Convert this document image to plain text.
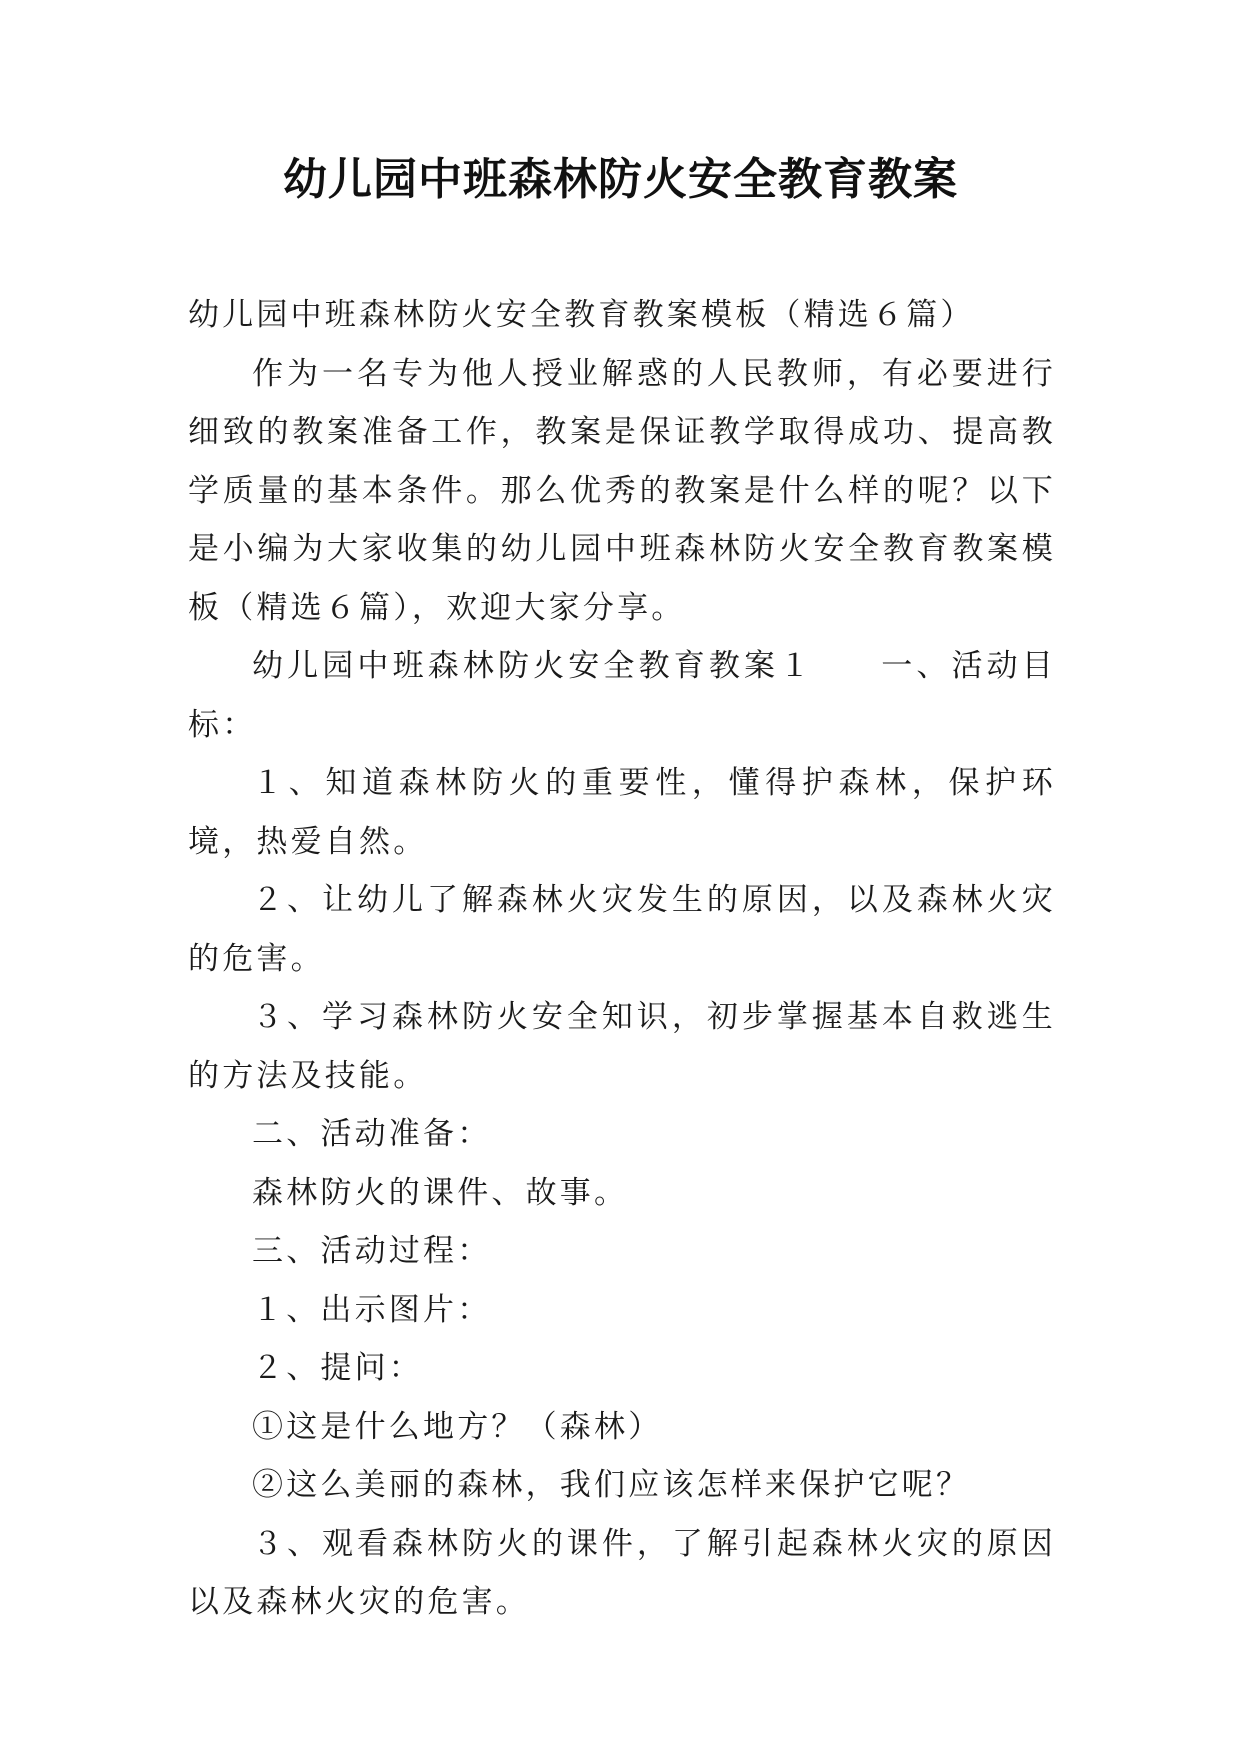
幼儿园中班森林防火安全教育教案

幼儿园中班森林防火安全教育教案模板（精选６篇）

作为一名专为他人授业解惑的人民教师，有必要进行细致的教案准备工作，教案是保证教学取得成功、提高教学质量的基本条件。那么优秀的教案是什么样的呢？以下是小编为大家收集的幼儿园中班森林防火安全教育教案模板（精选６篇），欢迎大家分享。

幼儿园中班森林防火安全教育教案１ 一、活动目标：

１、知道森林防火的重要性，懂得护森林，保护环境，热爱自然。

２、让幼儿了解森林火灾发生的原因，以及森林火灾的危害。

３、学习森林防火安全知识，初步掌握基本自救逃生的方法及技能。

二、活动准备：

森林防火的课件、故事。

三、活动过程：

１、出示图片：

２、提问：

①这是什么地方？（森林）

②这么美丽的森林，我们应该怎样来保护它呢？

３、观看森林防火的课件，了解引起森林火灾的原因以及森林火灾的危害。
